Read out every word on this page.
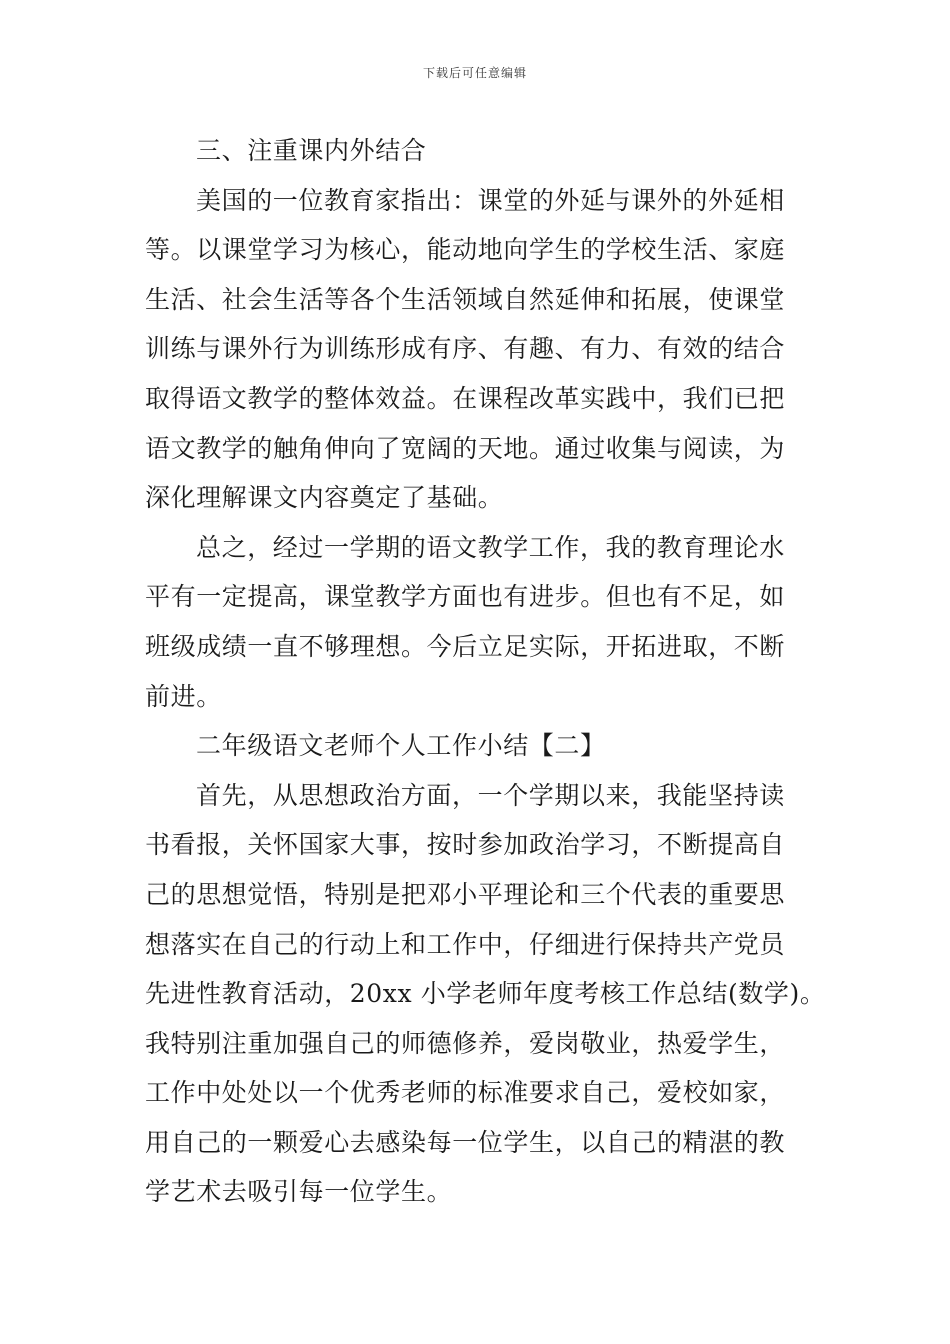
下载后可任意编辑
三、注重课内外结合
美国的一位教育家指出：课堂的外延与课外的外延相
等。以课堂学习为核心，能动地向学生的学校生活、家庭
生活、社会生活等各个生活领域自然延伸和拓展，使课堂
训练与课外行为训练形成有序、有趣、有力、有效的结合
取得语文教学的整体效益。在课程改革实践中，我们已把
语文教学的触角伸向了宽阔的天地。通过收集与阅读，为
深化理解课文内容奠定了基础。
总之，经过一学期的语文教学工作，我的教育理论水
平有一定提高，课堂教学方面也有进步。但也有不足，如
班级成绩一直不够理想。今后立足实际，开拓进取，不断
前进。
二年级语文老师个人工作小结【二】
首先，从思想政治方面，一个学期以来，我能坚持读
书看报，关怀国家大事，按时参加政治学习，不断提高自
己的思想觉悟，特别是把邓小平理论和三个代表的重要思
想落实在自己的行动上和工作中，仔细进行保持共产党员
先进性教育活动，20xx 小学老师年度考核工作总结(数学)。
我特别注重加强自己的师德修养，爱岗敬业，热爱学生，
工作中处处以一个优秀老师的标准要求自己，爱校如家，
用自己的一颗爱心去感染每一位学生，以自己的精湛的教
学艺术去吸引每一位学生。
